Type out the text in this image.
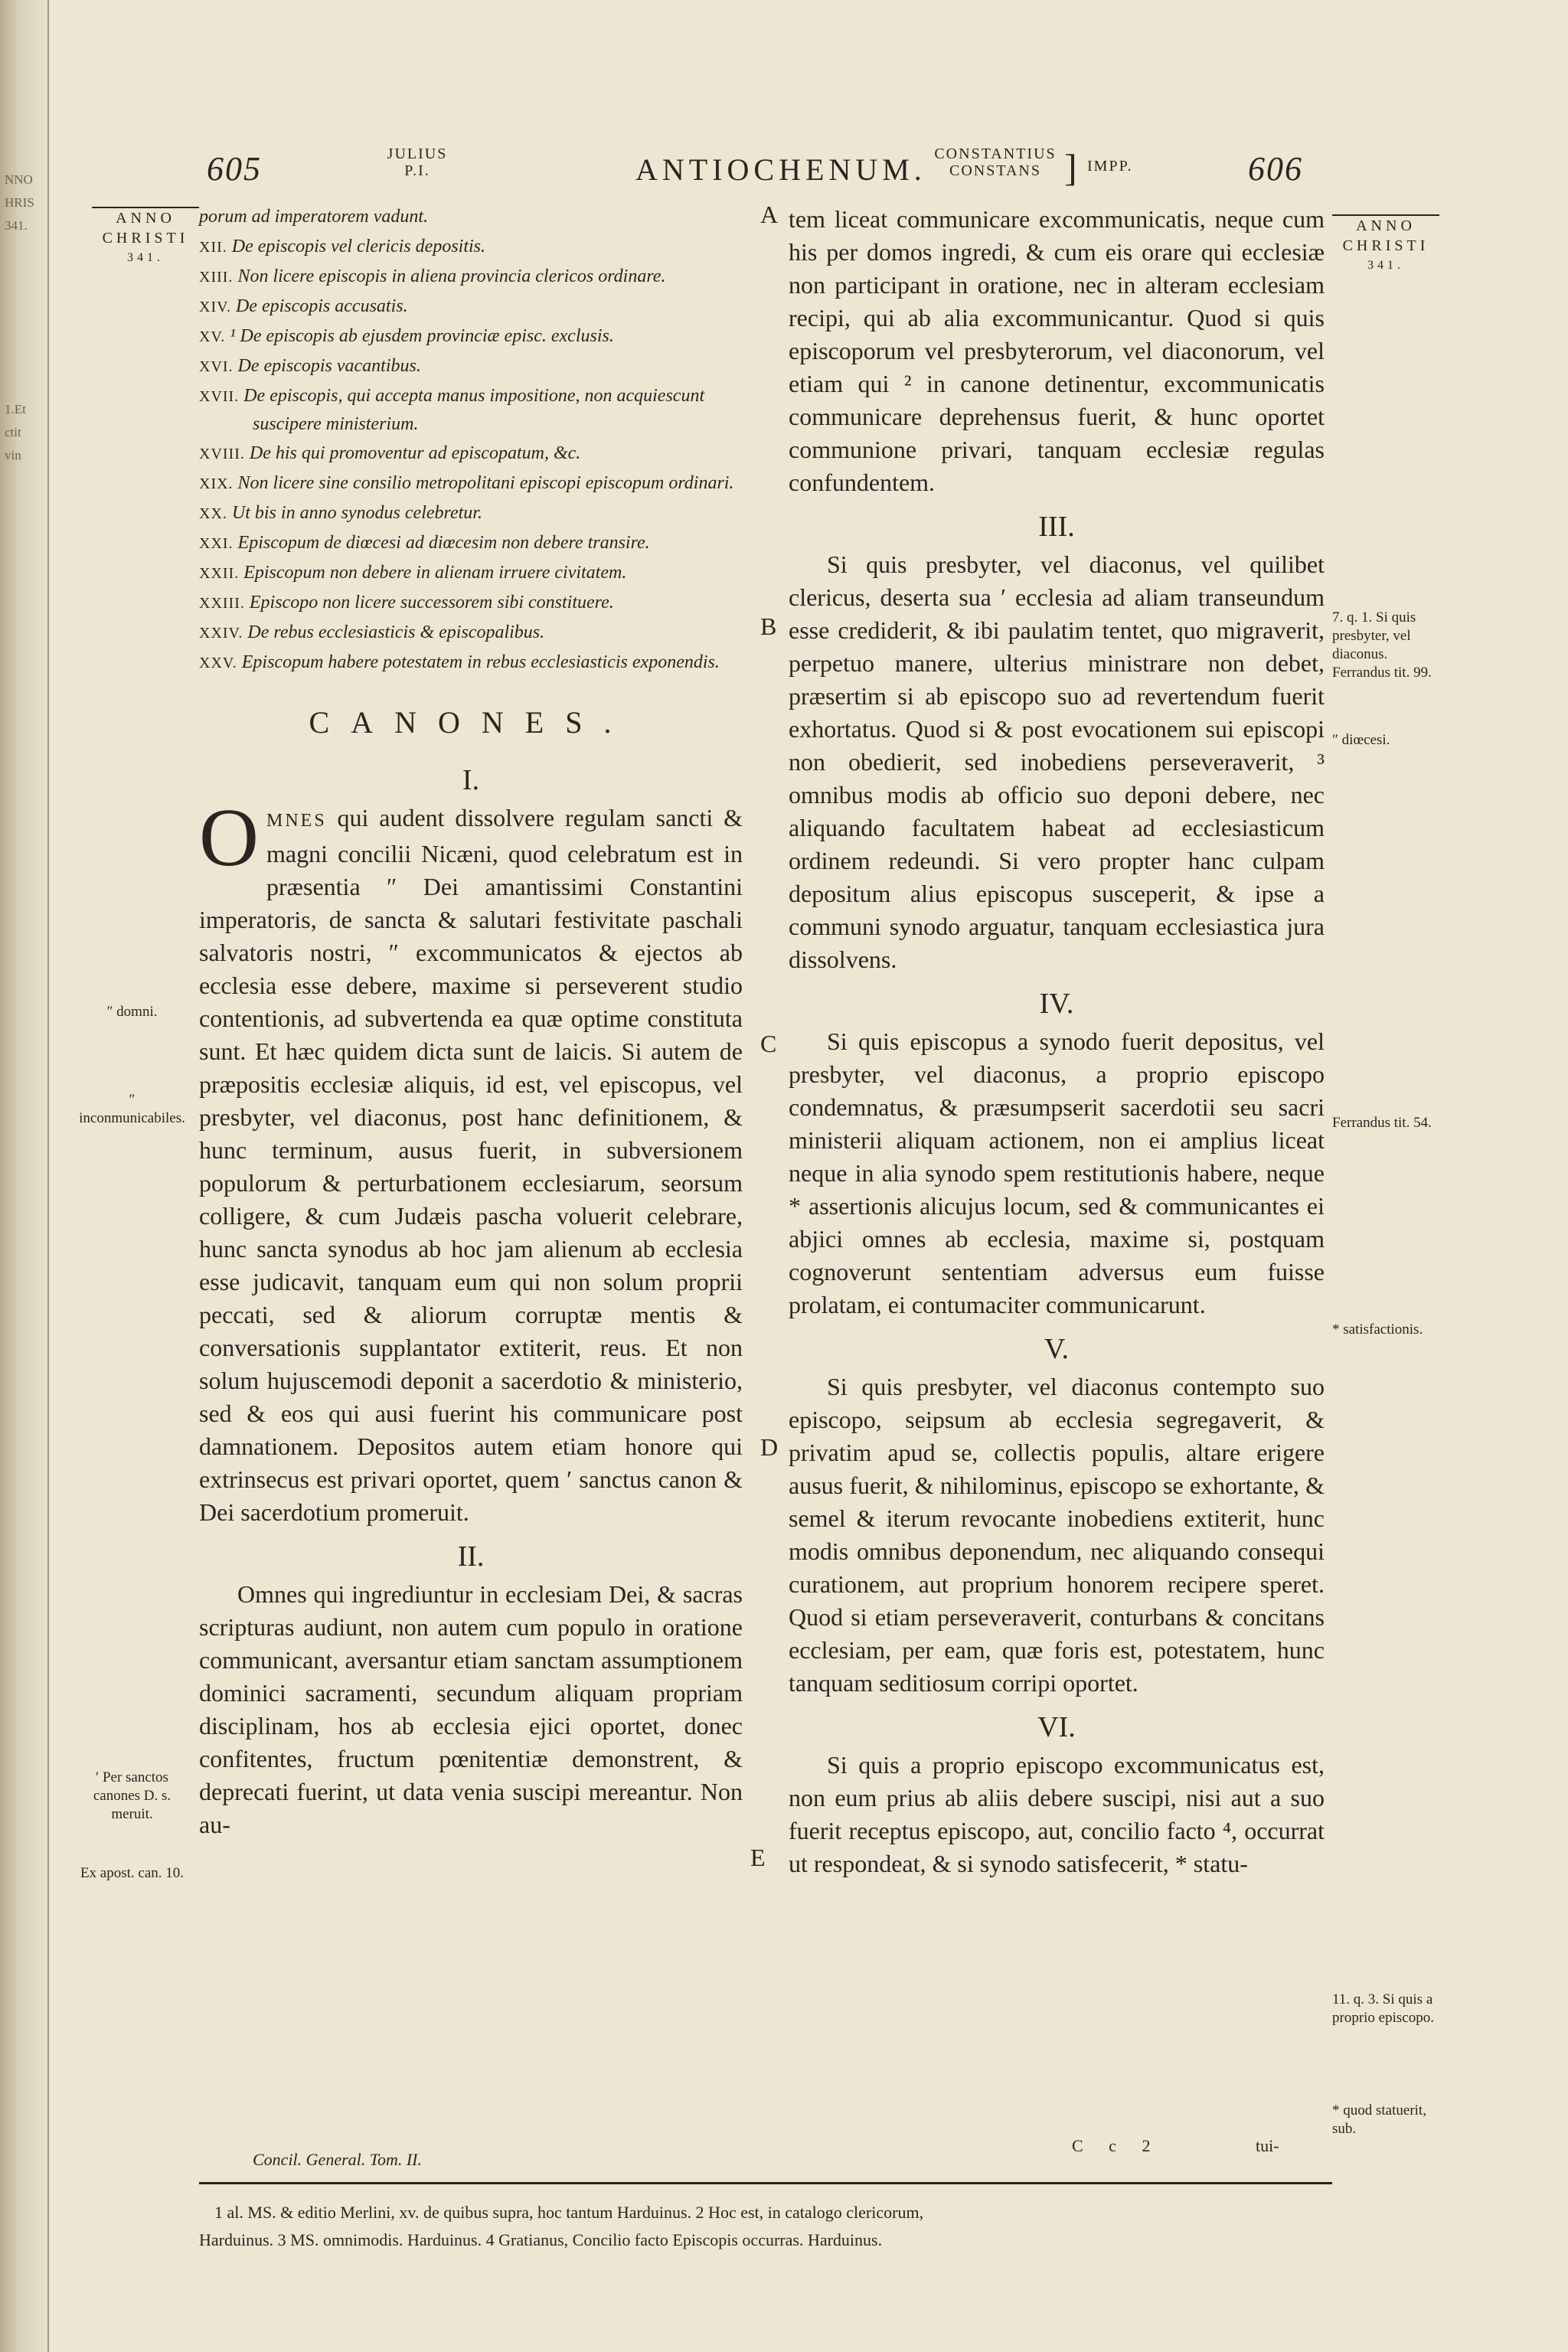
NNO
HRIS
341.

1.Et
ctit
vin
605	JULIUS
P.I.	ANTIOCHENUM. CONSTANTIUS
CONSTANS ] IMPP.	606
ANNO
CHRISTI
341.
ANNO
CHRISTI
341.
porum ad imperatorem vadunt.
XII. De episcopis vel clericis depositis.
XIII. Non licere episcopis in aliena provincia clericos ordinare.
XIV. De episcopis accusatis.
XV. ¹ De episcopis ab ejusdem provinciæ episc. exclusis.
XVI. De episcopis vacantibus.
XVII. De episcopis, qui accepta manus impositione, non acquiescunt suscipere ministerium.
XVIII. De his qui promoventur ad episcopatum, &c.
XIX. Non licere sine consilio metropolitani episcopi episcopum ordinari.
XX. Ut bis in anno synodus celebretur.
XXI. Episcopum de diœcesi ad diœcesim non debere transire.
XXII. Episcopum non debere in alienam irruere civitatem.
XXIII. Episcopo non licere successorem sibi constituere.
XXIV. De rebus ecclesiasticis & episcopalibus.
XXV. Episcopum habere potestatem in rebus ecclesiasticis exponendis.
CANONES.
I.
OMNES qui audent dissolvere regulam sancti & magni concilii Nicæni, quod celebratum est in præsentia ″ Dei amantissimi Constantini imperatoris, de sancta & salutari festivitate paschali salvatoris nostri, ″ excommunicatos & ejectos ab ecclesia esse debere, maxime si perseverent studio contentionis, ad subvertenda ea quæ optime constituta sunt. Et hæc quidem dicta sunt de laicis. Si autem de præpositis ecclesiæ aliquis, id est, vel episcopus, vel presbyter, vel diaconus, post hanc definitionem, & hunc terminum, ausus fuerit, in subversionem populorum & perturbationem ecclesiarum, seorsum colligere, & cum Judæis pascha voluerit celebrare, hunc sancta synodus ab hoc jam alienum ab ecclesia esse judicavit, tanquam eum qui non solum proprii peccati, sed & aliorum corruptæ mentis & conversationis supplantator extiterit, reus. Et non solum hujuscemodi deponit a sacerdotio & ministerio, sed & eos qui ausi fuerint his communicare post damnationem. Depositos autem etiam honore qui extrinsecus est privari oportet, quem ′ sanctus canon & Dei sacerdotium promeruit.
II.
Omnes qui ingrediuntur in ecclesiam Dei, & sacras scripturas audiunt, non autem cum populo in oratione communicant, aversantur etiam sanctam assumptionem dominici sacramenti, secundum aliquam propriam disciplinam, hos ab ecclesia ejici oportet, donec confitentes, fructum pœnitentiæ demonstrent, & deprecati fuerint, ut data venia suscipi mereantur. Non au-
tem liceat communicare excommunicatis, neque cum his per domos ingredi, & cum eis orare qui ecclesiæ non participant in oratione, nec in alteram ecclesiam recipi, qui ab alia excommunicantur. Quod si quis episcoporum vel presbyterorum, vel diaconorum, vel etiam qui ² in canone detinentur, excommunicatis communicare deprehensus fuerit, & hunc oportet communione privari, tanquam ecclesiæ regulas confundentem.
III.
Si quis presbyter, vel diaconus, vel quilibet clericus, deserta sua ′ ecclesia ad aliam transeundum esse crediderit, & ibi paulatim tentet, quo migraverit, perpetuo manere, ulterius ministrare non debet, præsertim si ab episcopo suo ad revertendum fuerit exhortatus. Quod si & post evocationem sui episcopi non obedierit, sed inobediens perseveraverit, ³ omnibus modis ab officio suo deponi debere, nec aliquando facultatem habeat ad ecclesiasticum ordinem redeundi. Si vero propter hanc culpam depositum alius episcopus susceperit, & ipse a communi synodo arguatur, tanquam ecclesiastica jura dissolvens.
IV.
Si quis episcopus a synodo fuerit depositus, vel presbyter, vel diaconus, a proprio episcopo condemnatus, & præsumpserit sacerdotii seu sacri ministerii aliquam actionem, non ei amplius liceat neque in alia synodo spem restitutionis habere, neque * assertionis alicujus locum, sed & communicantes ei abjici omnes ab ecclesia, maxime si, postquam cognoverunt sententiam adversus eum fuisse prolatam, ei contumaciter communicarunt.
V.
Si quis presbyter, vel diaconus contempto suo episcopo, seipsum ab ecclesia segregaverit, & privatim apud se, collectis populis, altare erigere ausus fuerit, & nihilominus, episcopo se exhortante, & semel & iterum revocante inobediens extiterit, hunc modis omnibus deponendum, nec aliquando consequi curationem, aut proprium honorem recipere speret. Quod si etiam perseveraverit, conturbans & concitans ecclesiam, per eam, quæ foris est, potestatem, hunc tanquam seditiosum corripi oportet.
VI.
Si quis a proprio episcopo excommunicatus est, non eum prius ab aliis debere suscipi, nisi aut a suo fuerit receptus episcopo, aut, concilio facto ⁴, occurrat ut respondeat, & si synodo satisfecerit, * statu-
A
B
C
D
E
″ domni.
″ inconmunicabiles.
′ Per sanctos canones D. s. meruit.
Ex apost. can. 10.
7. q. 1. Si quis presbyter, vel diaconus. Ferrandus tit. 99.
″ diœcesi.
Ferrandus tit. 54.
* satisfactionis.
11. q. 3. Si quis a proprio episcopo.
* quod statuerit, sub.
Concil. General. Tom. II.
C c 2	tui-
1 al. MS. & editio Merlini, xv. de quibus supra, hoc tantum Harduinus. 2 Hoc est, in catalogo clericorum,
Harduinus. 3 MS. omnimodis. Harduinus. 4 Gratianus, Concilio facto Episcopis occurras. Harduinus.
